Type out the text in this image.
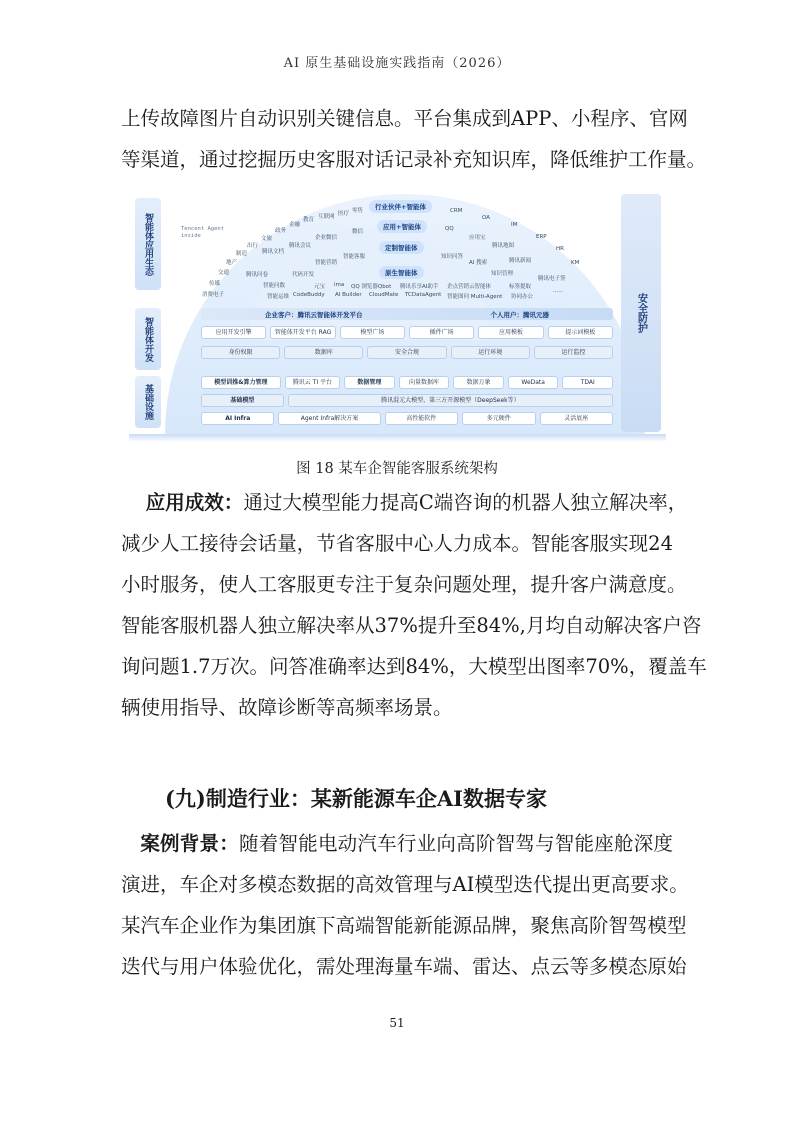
AI 原生基础设施实践指南（2026）
上传故障图片自动识别关键信息。平台集成到APP、小程序、官网
等渠道，通过挖掘历史客服对话记录补充知识库，降低维护工作量。
智能体应用生态
智能体开发
基础设施
安全防护
Tencent Agent inside
行业伙伴+智能体
应用+智能体
定制智能体
原生智能体
零售
医疗
互联网
教育
金融
政务
文旅
出行
制造
地产
交通
传媒
消费电子
企业微信
腾讯会议
腾讯文档
腾讯问卷
微信
智能客服
智能营销
代码开发
智能问数	元宝 ima QQ 浏览器Qbot 腾讯乐享AI助手 企点营销云智能体	标签提取
CRM
OA
IM
ERP
HR
KM
QQ
应用宝
腾讯地图
知识问答
AI 搜索	腾讯新闻
知识管理
腾讯电子签
智能运维 CodeBuddy AI Builder CloudMate TCDataAgent 智能图问 Multi-Agent 协同办公
......
企业客户：腾讯云智能体开发平台	个人用户：腾讯元器
应用开发引擎	智能体开发平台 RAG	模型广场	插件广场	应用模板	提示词模板
身份权限	数据库	安全合规	运行环境	运行监控
模型训推&算力管理	腾讯云 TI 平台	数据管理	向量数据库	数据万象	WeData	TDAI
基础模型	腾讯混元大模型、第三方开源模型（DeepSeek等）
AI Infra	Agent Infra解决方案	高性能软件	多元硬件	灵活底座
图 18 某车企智能客服系统架构
应用成效：通过大模型能力提高C端咨询的机器人独立解决率，
减少人工接待会话量，节省客服中心人力成本。智能客服实现24
小时服务，使人工客服更专注于复杂问题处理，提升客户满意度。
智能客服机器人独立解决率从37%提升至84%,月均自动解决客户咨
询问题1.7万次。问答准确率达到84%，大模型出图率70%，覆盖车
辆使用指导、故障诊断等高频率场景。
(九)制造行业：某新能源车企AI数据专家
案例背景：随着智能电动汽车行业向高阶智驾与智能座舱深度
演进，车企对多模态数据的高效管理与AI模型迭代提出更高要求。
某汽车企业作为集团旗下高端智能新能源品牌，聚焦高阶智驾模型
迭代与用户体验优化，需处理海量车端、雷达、点云等多模态原始
51
